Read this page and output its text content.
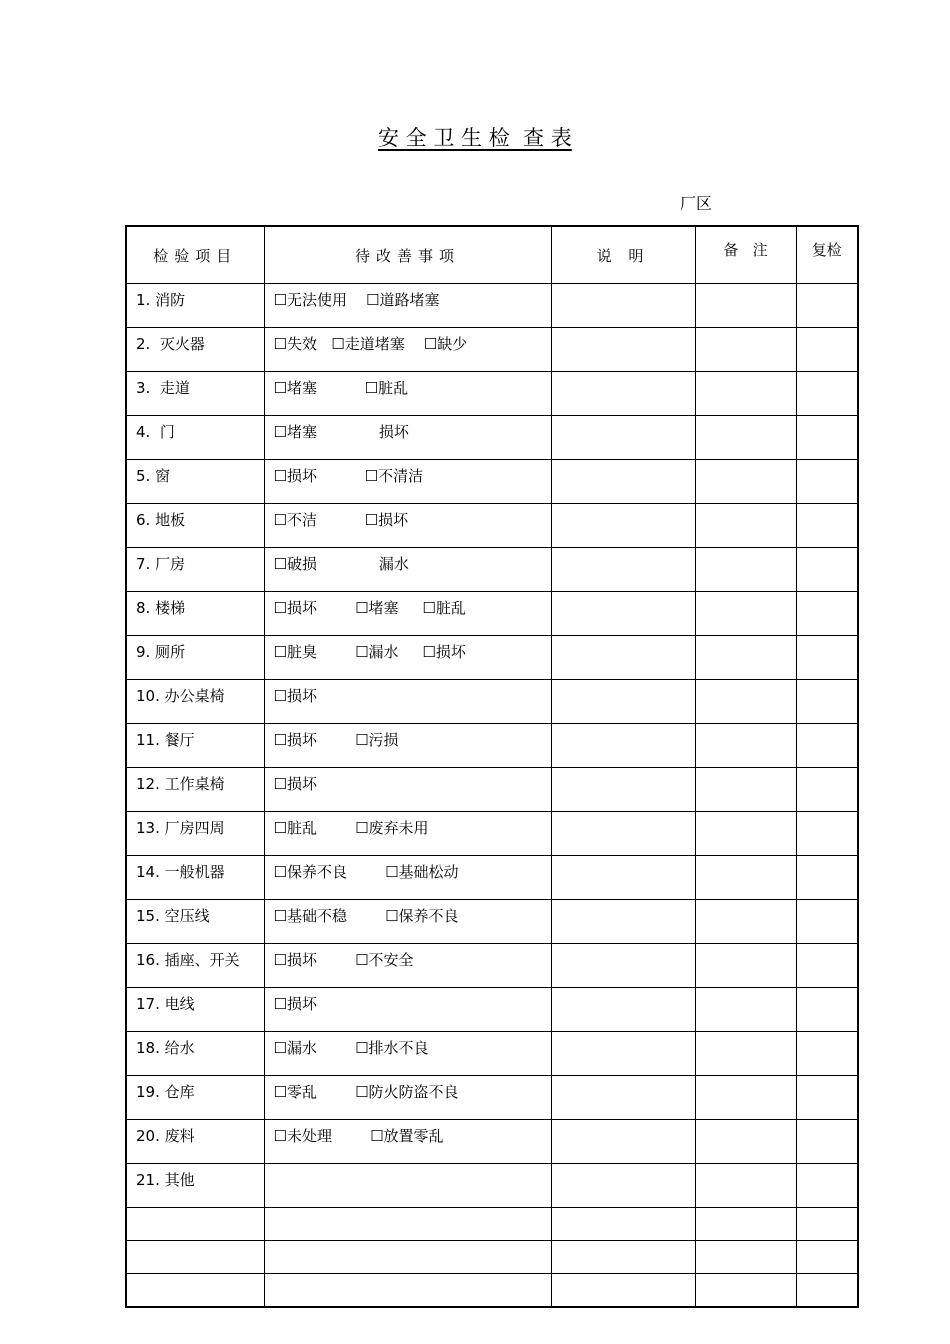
安 全 卫 生 检  查 表
厂区
检验项目	待改善事项	说 明	备   注	复检

1. 消防	☐无法使用    ☐道路堵塞			
2.  灭火器	☐失效   ☐走道堵塞    ☐缺少			
3.  走道	☐堵塞          ☐脏乱			
4.  门	☐堵塞             损坏			
5. 窗	☐损坏          ☐不清洁			
6. 地板	☐不洁          ☐损坏			
7. 厂房	☐破损             漏水			
8. 楼梯	☐损坏        ☐堵塞     ☐脏乱			
9. 厕所	☐脏臭        ☐漏水     ☐损坏			
10. 办公桌椅	☐损坏			
11. 餐厅	☐损坏        ☐污损			
12. 工作桌椅	☐损坏			
13. 厂房四周	☐脏乱        ☐废弃未用			
14. 一般机器	☐保养不良        ☐基础松动			
15. 空压线	☐基础不稳        ☐保养不良			
16. 插座、开关	☐损坏        ☐不安全			
17. 电线	☐损坏			
18. 给水	☐漏水        ☐排水不良			
19. 仓库	☐零乱        ☐防火防盗不良			
20. 废料	☐未处理        ☐放置零乱			
21. 其他				
